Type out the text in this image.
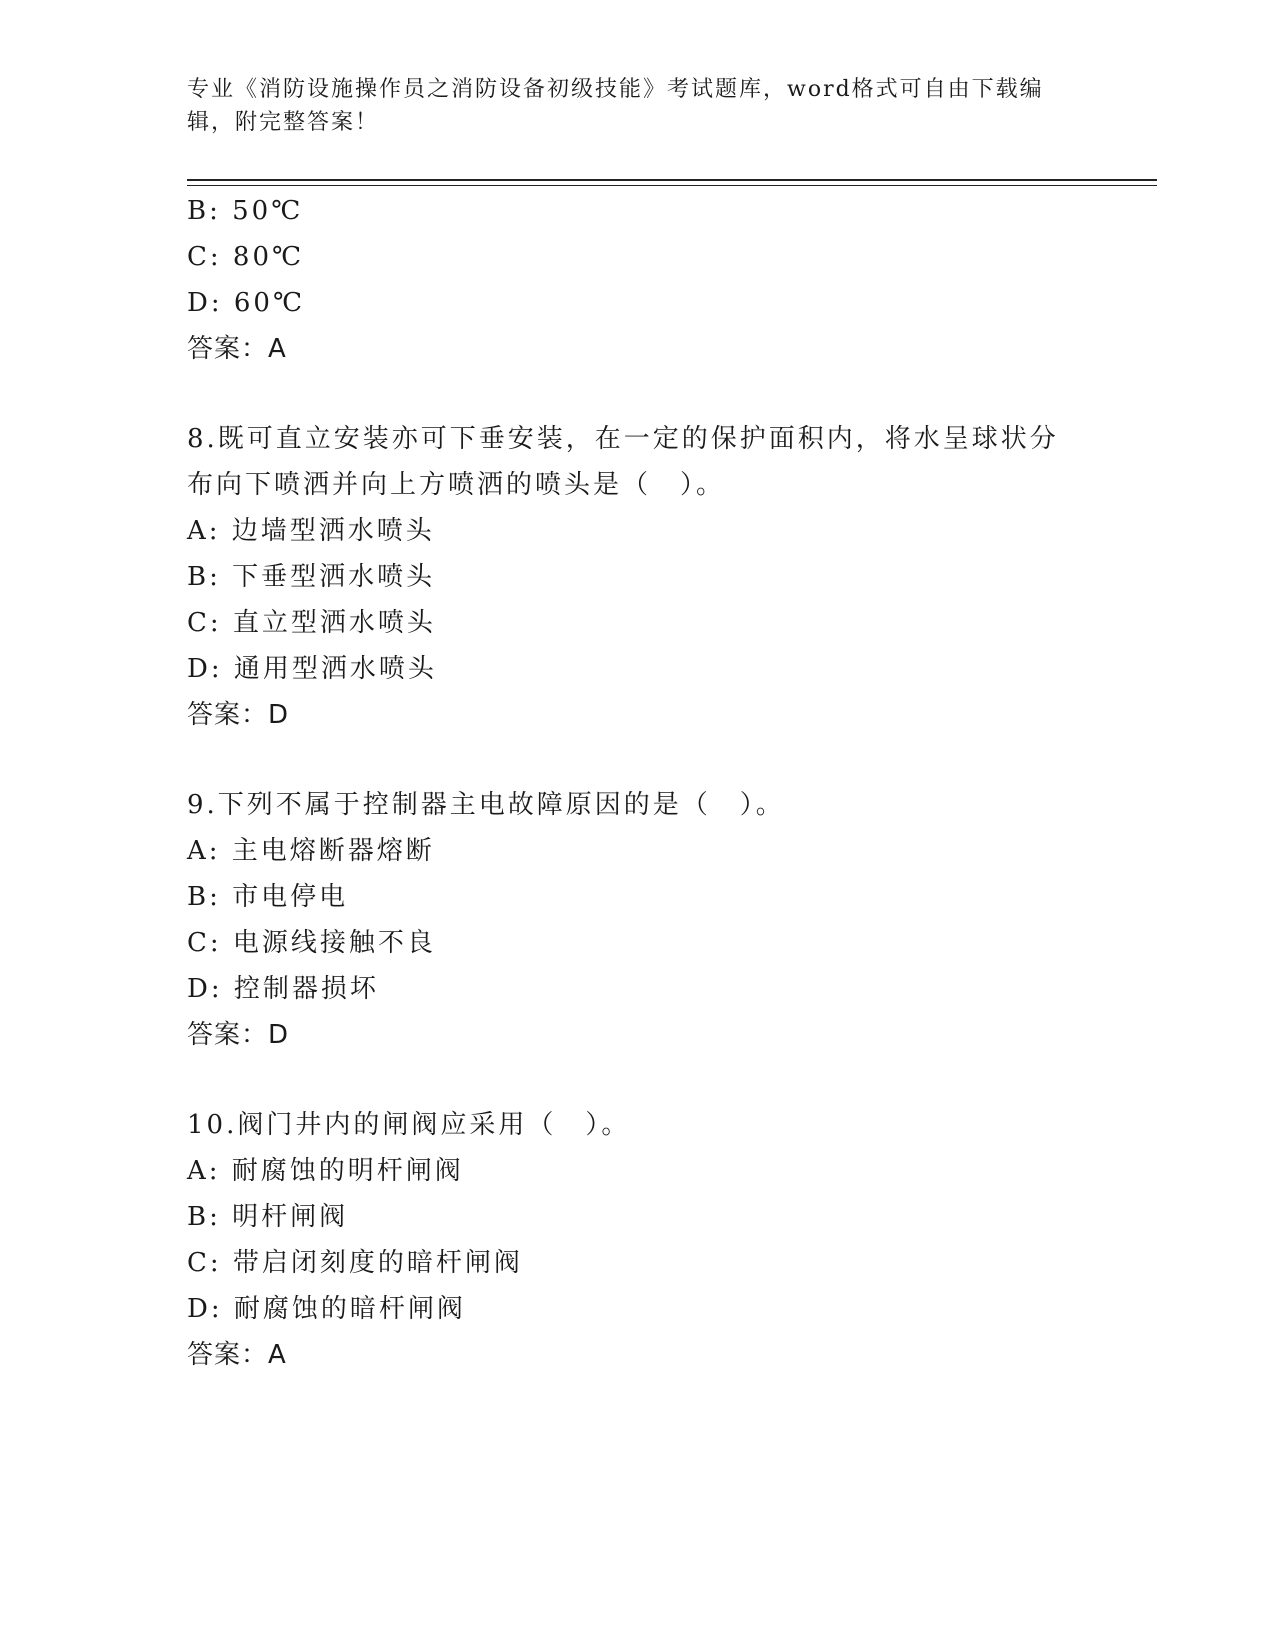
专业《消防设施操作员之消防设备初级技能》考试题库，word格式可自由下载编辑，附完整答案！
B: 50℃
C: 80℃
D: 60℃
答案：A
8.既可直立安装亦可下垂安装，在一定的保护面积内，将水呈球状分布向下喷洒并向上方喷洒的喷头是（　）。
A: 边墙型洒水喷头
B: 下垂型洒水喷头
C: 直立型洒水喷头
D: 通用型洒水喷头
答案：D
9.下列不属于控制器主电故障原因的是（　）。
A: 主电熔断器熔断
B: 市电停电
C: 电源线接触不良
D: 控制器损坏
答案：D
10.阀门井内的闸阀应采用（　）。
A: 耐腐蚀的明杆闸阀
B: 明杆闸阀
C: 带启闭刻度的暗杆闸阀
D: 耐腐蚀的暗杆闸阀
答案：A
